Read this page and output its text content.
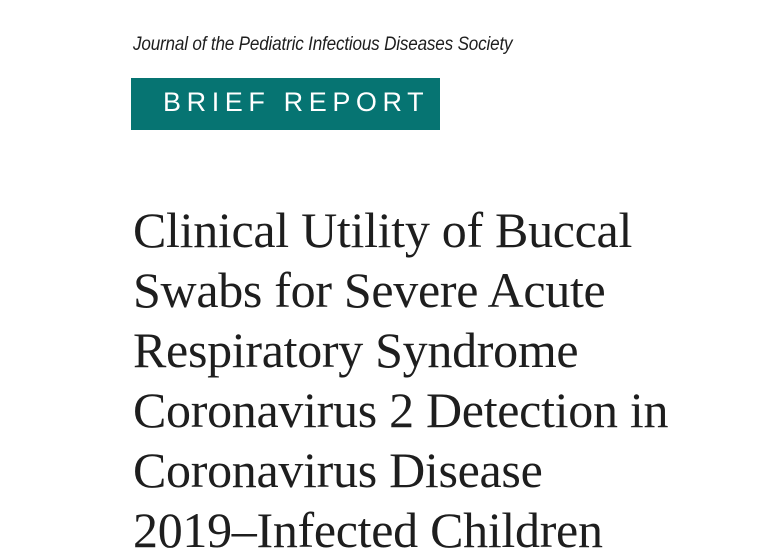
Journal of the Pediatric Infectious Diseases Society
BRIEF REPORT
Clinical Utility of Buccal
Swabs for Severe Acute
Respiratory Syndrome
Coronavirus 2 Detection in
Coronavirus Disease
2019–Infected Children
